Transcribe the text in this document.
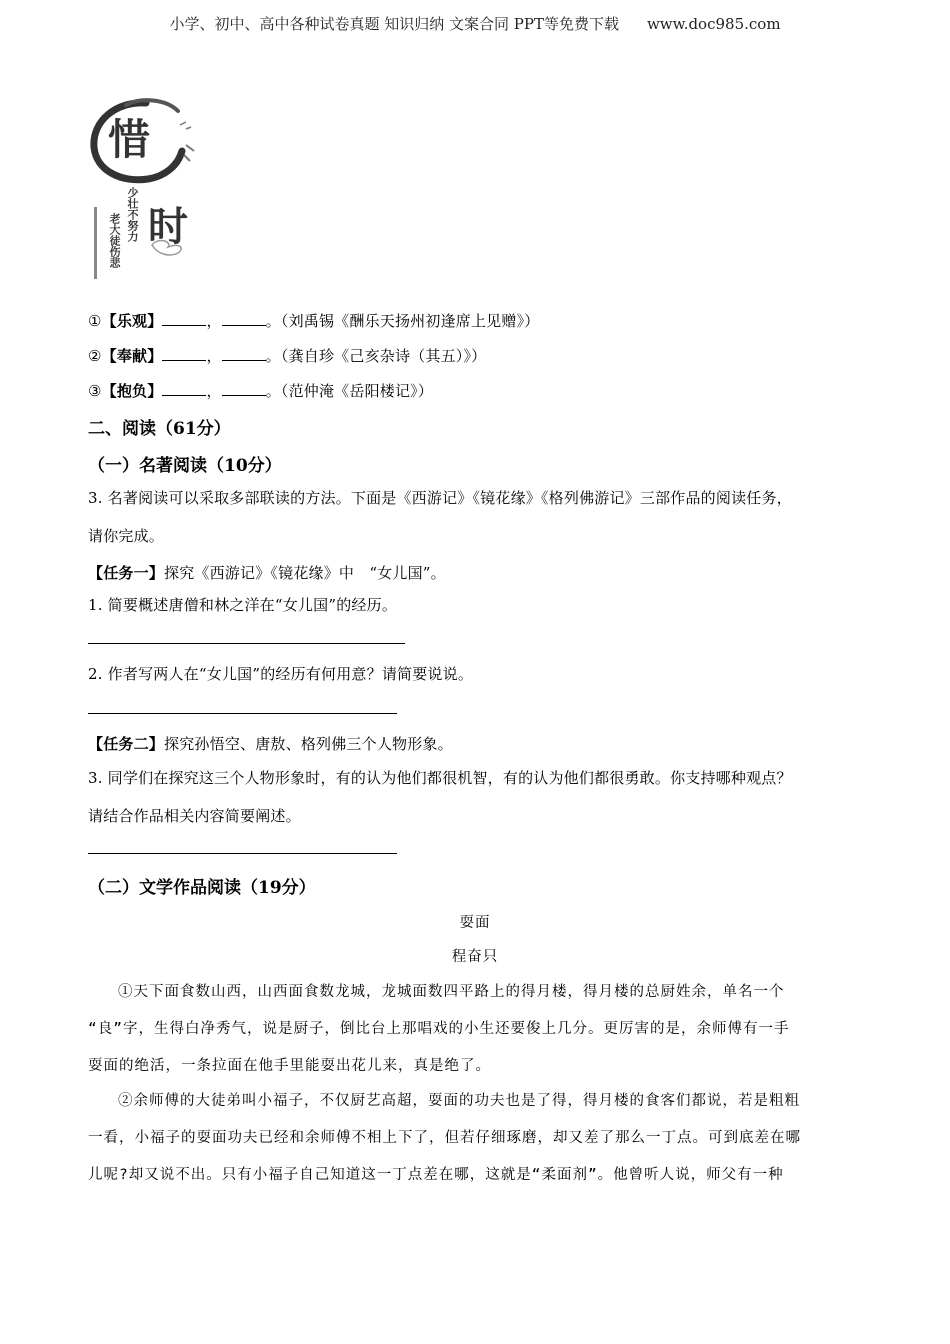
小学、初中、高中各种试卷真题 知识归纳 文案合同 PPT等免费下载 www.doc985.com
惜
时
少壮不努力
老大徒伤悲
①【乐观】	，	。（刘禹锡《酬乐天扬州初逢席上见赠》）
②【奉献】	，	。（龚自珍《己亥杂诗（其五）》）
③【抱负】	，	。（范仲淹《岳阳楼记》）
二、阅读（61分）
（一）名著阅读（10分）
3. 名著阅读可以采取多部联读的方法。下面是《西游记》《镜花缘》《格列佛游记》三部作品的阅读任务，
请你完成。
【任务一】探究《西游记》《镜花缘》中　“女儿国”。
1. 简要概述唐僧和林之洋在“女儿国”的经历。
2. 作者写两人在“女儿国”的经历有何用意？请简要说说。
【任务二】探究孙悟空、唐敖、格列佛三个人物形象。
3. 同学们在探究这三个人物形象时，有的认为他们都很机智，有的认为他们都很勇敢。你支持哪种观点？
请结合作品相关内容简要阐述。
（二）文学作品阅读（19分）
耍面
程奋只
①天下面食数山西，山西面食数龙城，龙城面数四平路上的得月楼，得月楼的总厨姓余，单名一个
“良”字，生得白净秀气，说是厨子，倒比台上那唱戏的小生还要俊上几分。更厉害的是，余师傅有一手
耍面的绝活，一条拉面在他手里能耍出花儿来，真是绝了。
②余师傅的大徒弟叫小福子，不仅厨艺高超，耍面的功夫也是了得，得月楼的食客们都说，若是粗粗
一看，小福子的耍面功夫已经和余师傅不相上下了，但若仔细琢磨，却又差了那么一丁点。可到底差在哪
儿呢?却又说不出。只有小福子自己知道这一丁点差在哪，这就是“柔面剂”。他曾听人说，师父有一种
